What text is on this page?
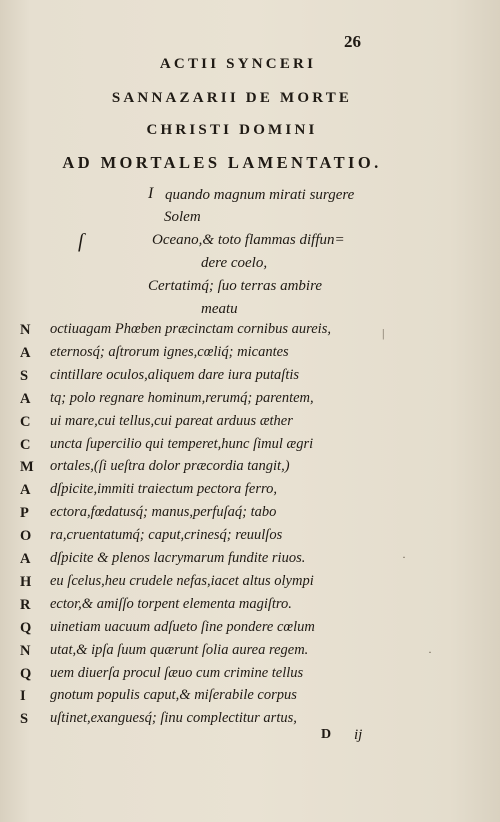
26
ACTII SYNCERI
SANNAZARII DE MORTE
CHRISTI DOMINI
AD MORTALES LAMENTATIO.
I quando magnum mirati surgere
Solem
ſ	Oceano,& toto flammas diffun=
dere coelo,
Certatimq́; ſuo terras ambire
meatu
N octiuagam Phœben præcinctam cornibus aureis,
A eternosq́; aſtrorum ignes,cœliq́; micantes
S cintillare oculos,aliquem dare iura putaſtis
A tq; polo regnare hominum,rerumq́; parentem,
C ui mare,cui tellus,cui pareat arduus æther
C uncta ſupercilio qui temperet,hunc ſimul ægri
M ortales,(ſi ueſtra dolor præcordia tangit,)
A dſpicite,immiti traiectum pectora ferro,
P ectora,fœdatusq́; manus,perfuſaq́; tabo
O ra,cruentatumq́; caput,crinesq́; reuulſos
A dſpicite & plenos lacrymarum fundite riuos.
H eu ſcelus,heu crudele nefas,iacet altus olympi
R ector,& amiſſo torpent elementa magiſtro.
Q uinetiam uacuum adſueto ſine pondere cœlum
N utat,& ipſa ſuum quærunt ſolia aurea regem.
Q uem diuerſa procul ſæuo cum crimine tellus
I gnotum populis caput,& miſerabile corpus
S uſtinet,exanguesq́; ſinu complectitur artus,
D ij
|
·
·
